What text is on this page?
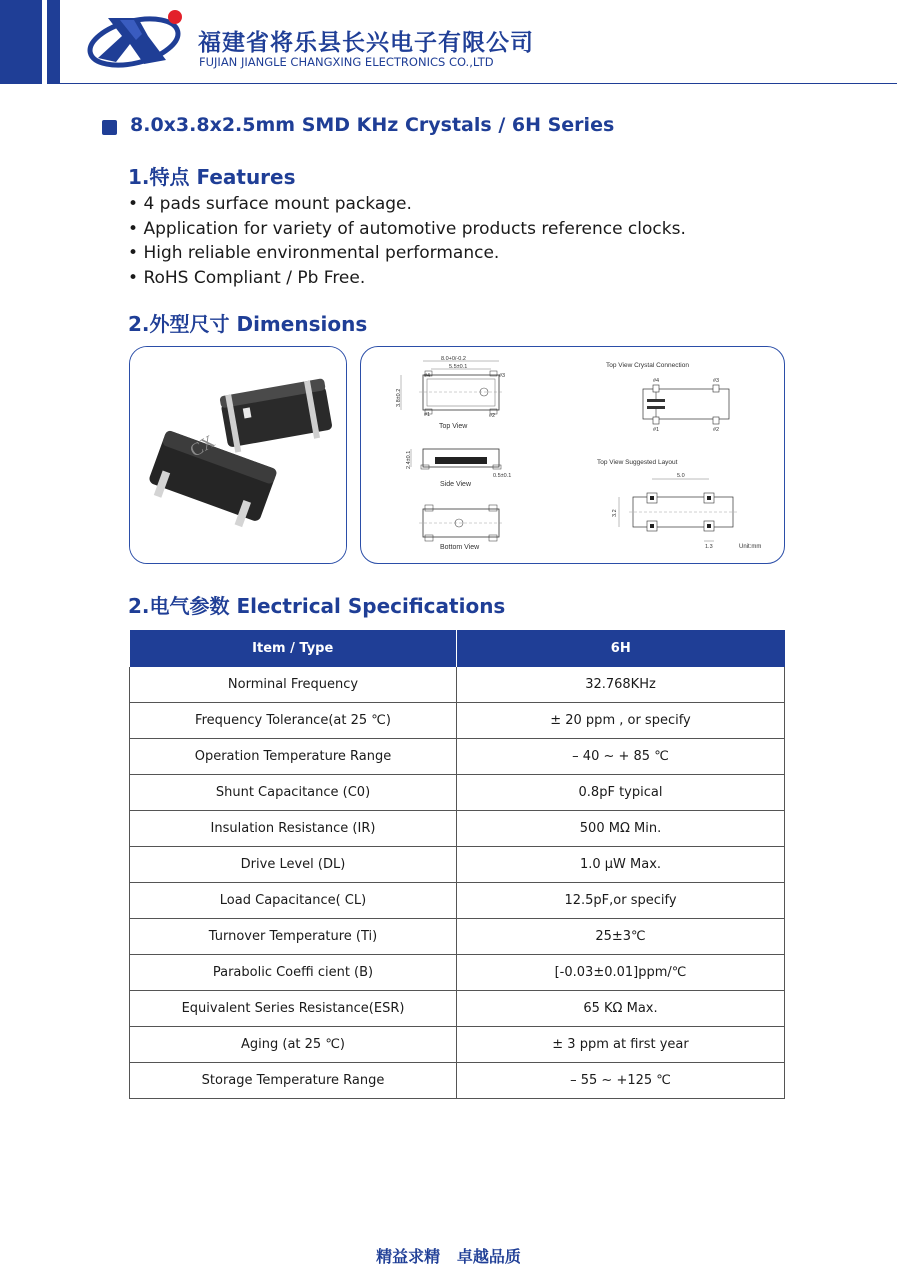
福建省将乐县长兴电子有限公司
FUJIAN JIANGLE CHANGXING ELECTRONICS CO.,LTD
8.0x3.8x2.5mm SMD KHz Crystals / 6H Series
1.特点 Features
• 4 pads surface mount package.
• Application for variety of automotive products reference clocks.
• High reliable environmental performance.
• RoHS Compliant / Pb Free.
2.外型尺寸 Dimensions
CX
8.0+0/-0.2
5.5±0.1
3.8±0.2
#4	#3
#1	#2
Top View
2.4±0.1
0.5±0.1
Side View
Bottom View
Top View Crystal Connection
#4	#3
#1	#2
Top View Suggested Layout
5.0
3.2
1.3	Unit:mm
2.电气参数 Electrical Specifications
Item / Type	6H
Norminal Frequency	32.768KHz
Frequency Tolerance(at 25 ℃)	± 20 ppm , or specify
Operation Temperature Range	– 40 ~ + 85 ℃
Shunt Capacitance (C0)	0.8pF typical
Insulation Resistance (IR)	500 MΩ Min.
Drive Level (DL)	1.0 μW Max.
Load Capacitance( CL)	12.5pF,or specify
Turnover Temperature (Ti)	25±3℃
Parabolic Coeffi cient (B)	[-0.03±0.01]ppm/℃
Equivalent Series Resistance(ESR)	65 KΩ Max.
Aging (at 25 ℃)	± 3 ppm at first year
Storage Temperature Range	– 55 ~ +125 ℃
精益求精   卓越品质
